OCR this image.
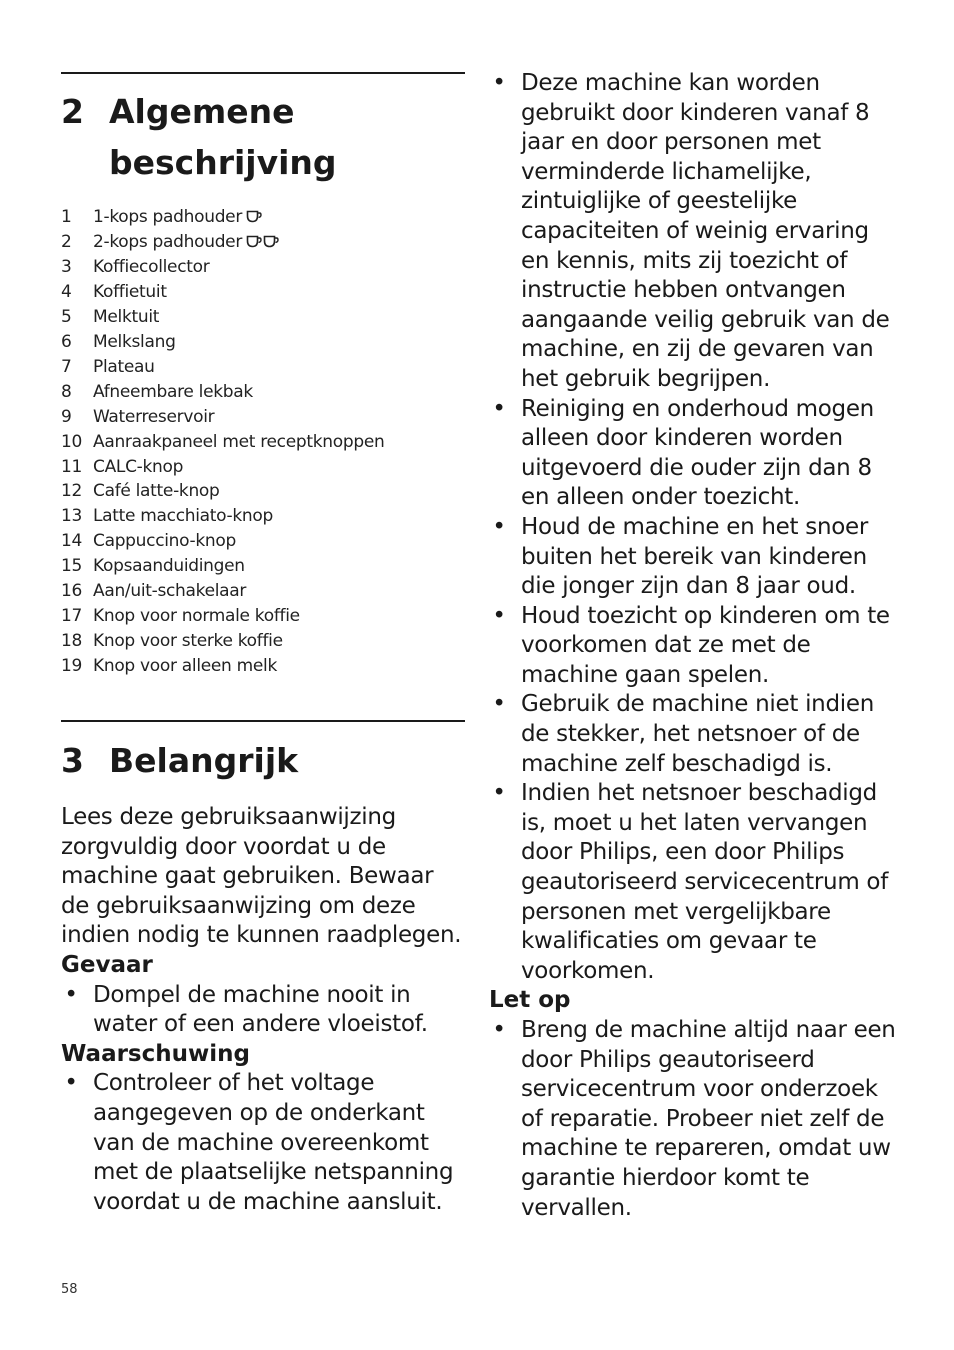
2 Algemene
beschrijving
1	1-kops padhouder
2	2-kops padhouder
3	Koffiecollector
4	Koffietuit
5	Melktuit
6	Melkslang
7	Plateau
8	Afneembare lekbak
9	Waterreservoir
10 Aanraakpaneel met receptknoppen
11 CALC-knop
12 Café latte-knop
13 Latte macchiato-knop
14 Cappuccino-knop
15 Kopsaanduidingen
16 Aan/uit-schakelaar
17 Knop voor normale koffie
18 Knop voor sterke koffie
19 Knop voor alleen melk
3 Belangrijk

Lees deze gebruiksaanwijzing zorgvuldig door voordat u de machine gaat gebruiken. Bewaar de gebruiksaanwijzing om deze indien nodig te kunnen raadplegen.

Gevaar
• Dompel de machine nooit in water of een andere vloeistof.
Waarschuwing
• Controleer of het voltage aangegeven op de onderkant van de machine overeenkomt met de plaatselijke netspanning voordat u de machine aansluit.
• Deze machine kan worden gebruikt door kinderen vanaf 8 jaar en door personen met verminderde lichamelijke, zintuiglijke of geestelijke capaciteiten of weinig ervaring en kennis, mits zij toezicht of instructie hebben ontvangen aangaande veilig gebruik van de machine, en zij de gevaren van het gebruik begrijpen.
• Reiniging en onderhoud mogen alleen door kinderen worden uitgevoerd die ouder zijn dan 8 en alleen onder toezicht.
• Houd de machine en het snoer buiten het bereik van kinderen die jonger zijn dan 8 jaar oud.
• Houd toezicht op kinderen om te voorkomen dat ze met de machine gaan spelen.
• Gebruik de machine niet indien de stekker, het netsnoer of de machine zelf beschadigd is.
• Indien het netsnoer beschadigd is, moet u het laten vervangen door Philips, een door Philips geautoriseerd servicecentrum of personen met vergelijkbare kwalificaties om gevaar te voorkomen.
Let op
• Breng de machine altijd naar een door Philips geautoriseerd servicecentrum voor onderzoek of reparatie. Probeer niet zelf de machine te repareren, omdat uw garantie hierdoor komt te vervallen.
58
